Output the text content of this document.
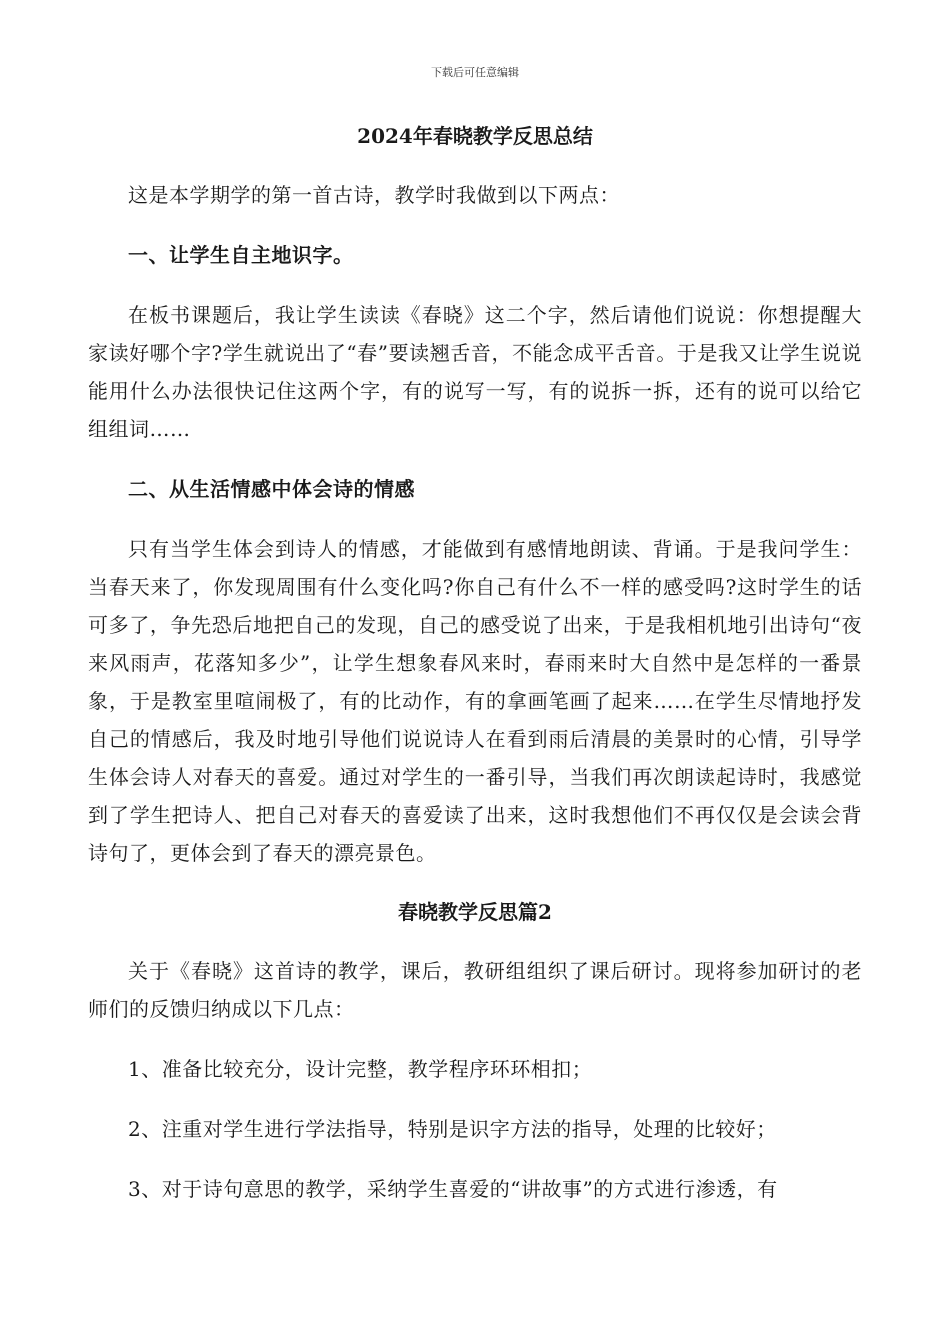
下载后可任意编辑
2024年春晓教学反思总结

这是本学期学的第一首古诗，教学时我做到以下两点：

一、让学生自主地识字。

在板书课题后，我让学生读读《春晓》这二个字，然后请他们说说：你想提醒大家读好哪个字?学生就说出了“春”要读翘舌音，不能念成平舌音。于是我又让学生说说能用什么办法很快记住这两个字，有的说写一写，有的说拆一拆，还有的说可以给它组组词……

二、从生活情感中体会诗的情感

只有当学生体会到诗人的情感，才能做到有感情地朗读、背诵。于是我问学生：当春天来了，你发现周围有什么变化吗?你自己有什么不一样的感受吗?这时学生的话可多了，争先恐后地把自己的发现，自己的感受说了出来，于是我相机地引出诗句“夜来风雨声，花落知多少”，让学生想象春风来时，春雨来时大自然中是怎样的一番景象，于是教室里喧闹极了，有的比动作，有的拿画笔画了起来……在学生尽情地抒发自己的情感后，我及时地引导他们说说诗人在看到雨后清晨的美景时的心情，引导学生体会诗人对春天的喜爱。通过对学生的一番引导，当我们再次朗读起诗时，我感觉到了学生把诗人、把自己对春天的喜爱读了出来，这时我想他们不再仅仅是会读会背诗句了，更体会到了春天的漂亮景色。

春晓教学反思篇2

关于《春晓》这首诗的教学，课后，教研组组织了课后研讨。现将参加研讨的老师们的反馈归纳成以下几点：

1、准备比较充分，设计完整，教学程序环环相扣；

2、注重对学生进行学法指导，特别是识字方法的指导，处理的比较好；

3、对于诗句意思的教学，采纳学生喜爱的“讲故事”的方式进行渗透，有
